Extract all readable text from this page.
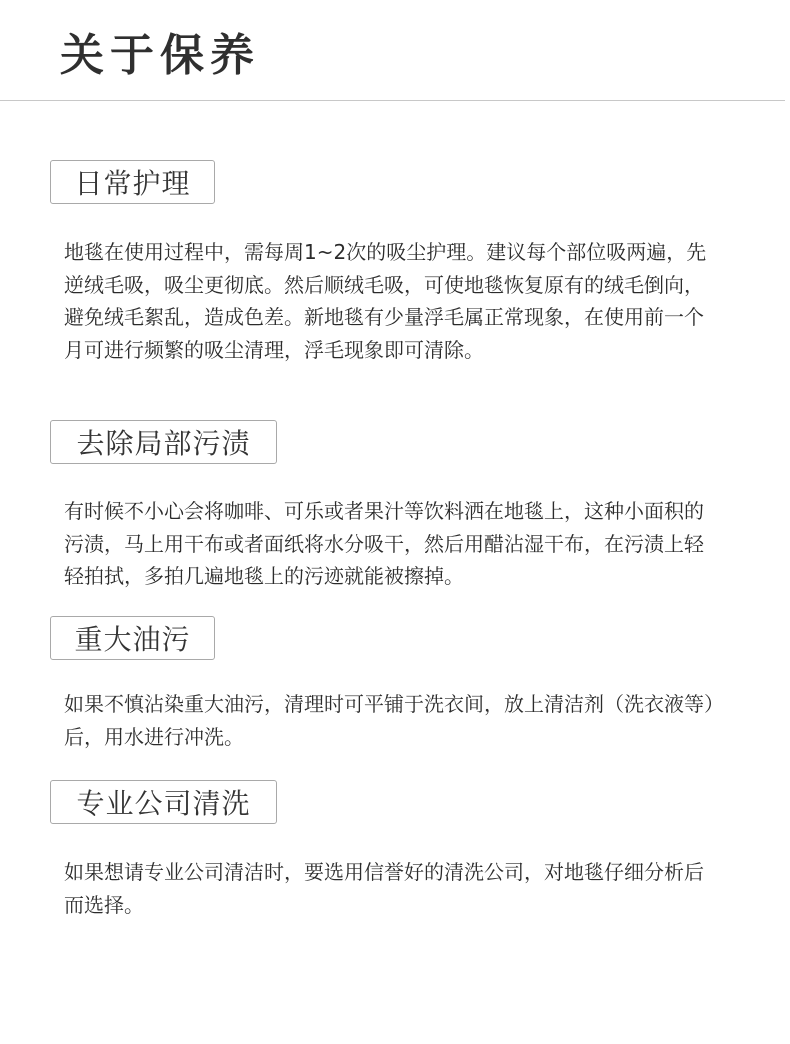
关于保养
日常护理

地毯在使用过程中，需每周1~2次的吸尘护理。建议每个部位吸两遍，先逆绒毛吸，吸尘更彻底。然后顺绒毛吸，可使地毯恢复原有的绒毛倒向，避免绒毛絮乱，造成色差。新地毯有少量浮毛属正常现象，在使用前一个月可进行频繁的吸尘清理，浮毛现象即可清除。

去除局部污渍

有时候不小心会将咖啡、可乐或者果汁等饮料洒在地毯上，这种小面积的污渍，马上用干布或者面纸将水分吸干，然后用醋沾湿干布，在污渍上轻轻拍拭，多拍几遍地毯上的污迹就能被擦掉。

重大油污

如果不慎沾染重大油污，清理时可平铺于洗衣间，放上清洁剂（洗衣液等）后，用水进行冲洗。

专业公司清洗

如果想请专业公司清洁时，要选用信誉好的清洗公司，对地毯仔细分析后而选择。
